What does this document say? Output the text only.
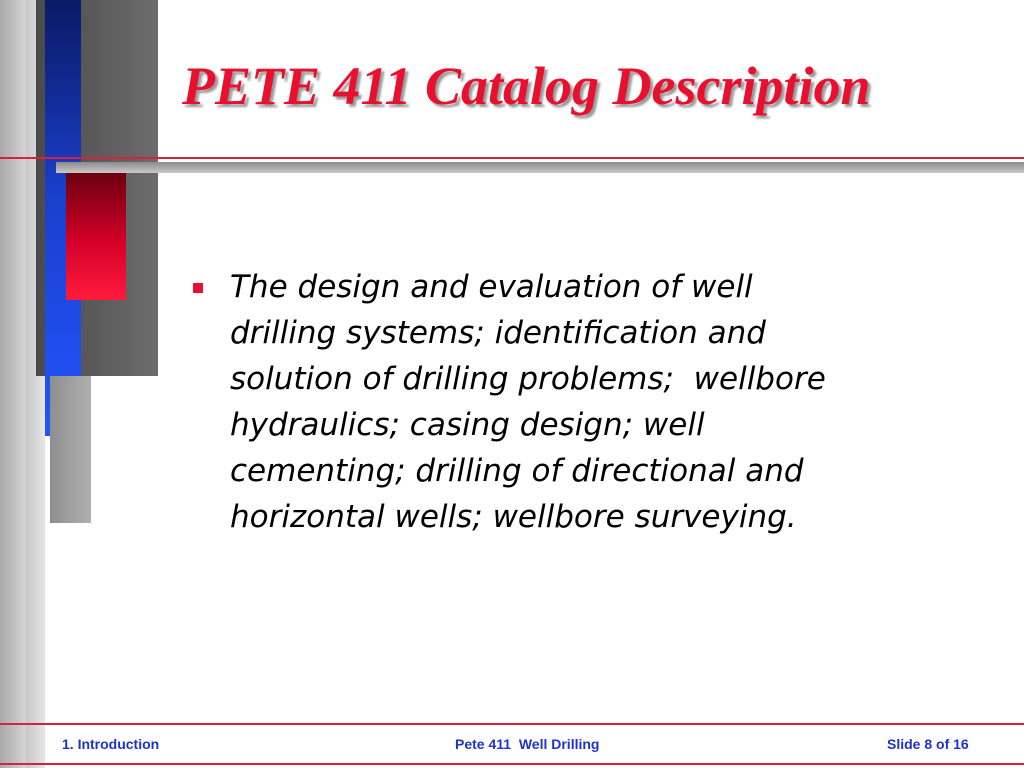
PETE 411 Catalog Description

The design and evaluation of well
drilling systems; identification and
solution of drilling problems;  wellbore
hydraulics; casing design; well
cementing; drilling of directional and
horizontal wells; wellbore surveying.

1. Introduction	Pete 411  Well Drilling	Slide 8 of 16
